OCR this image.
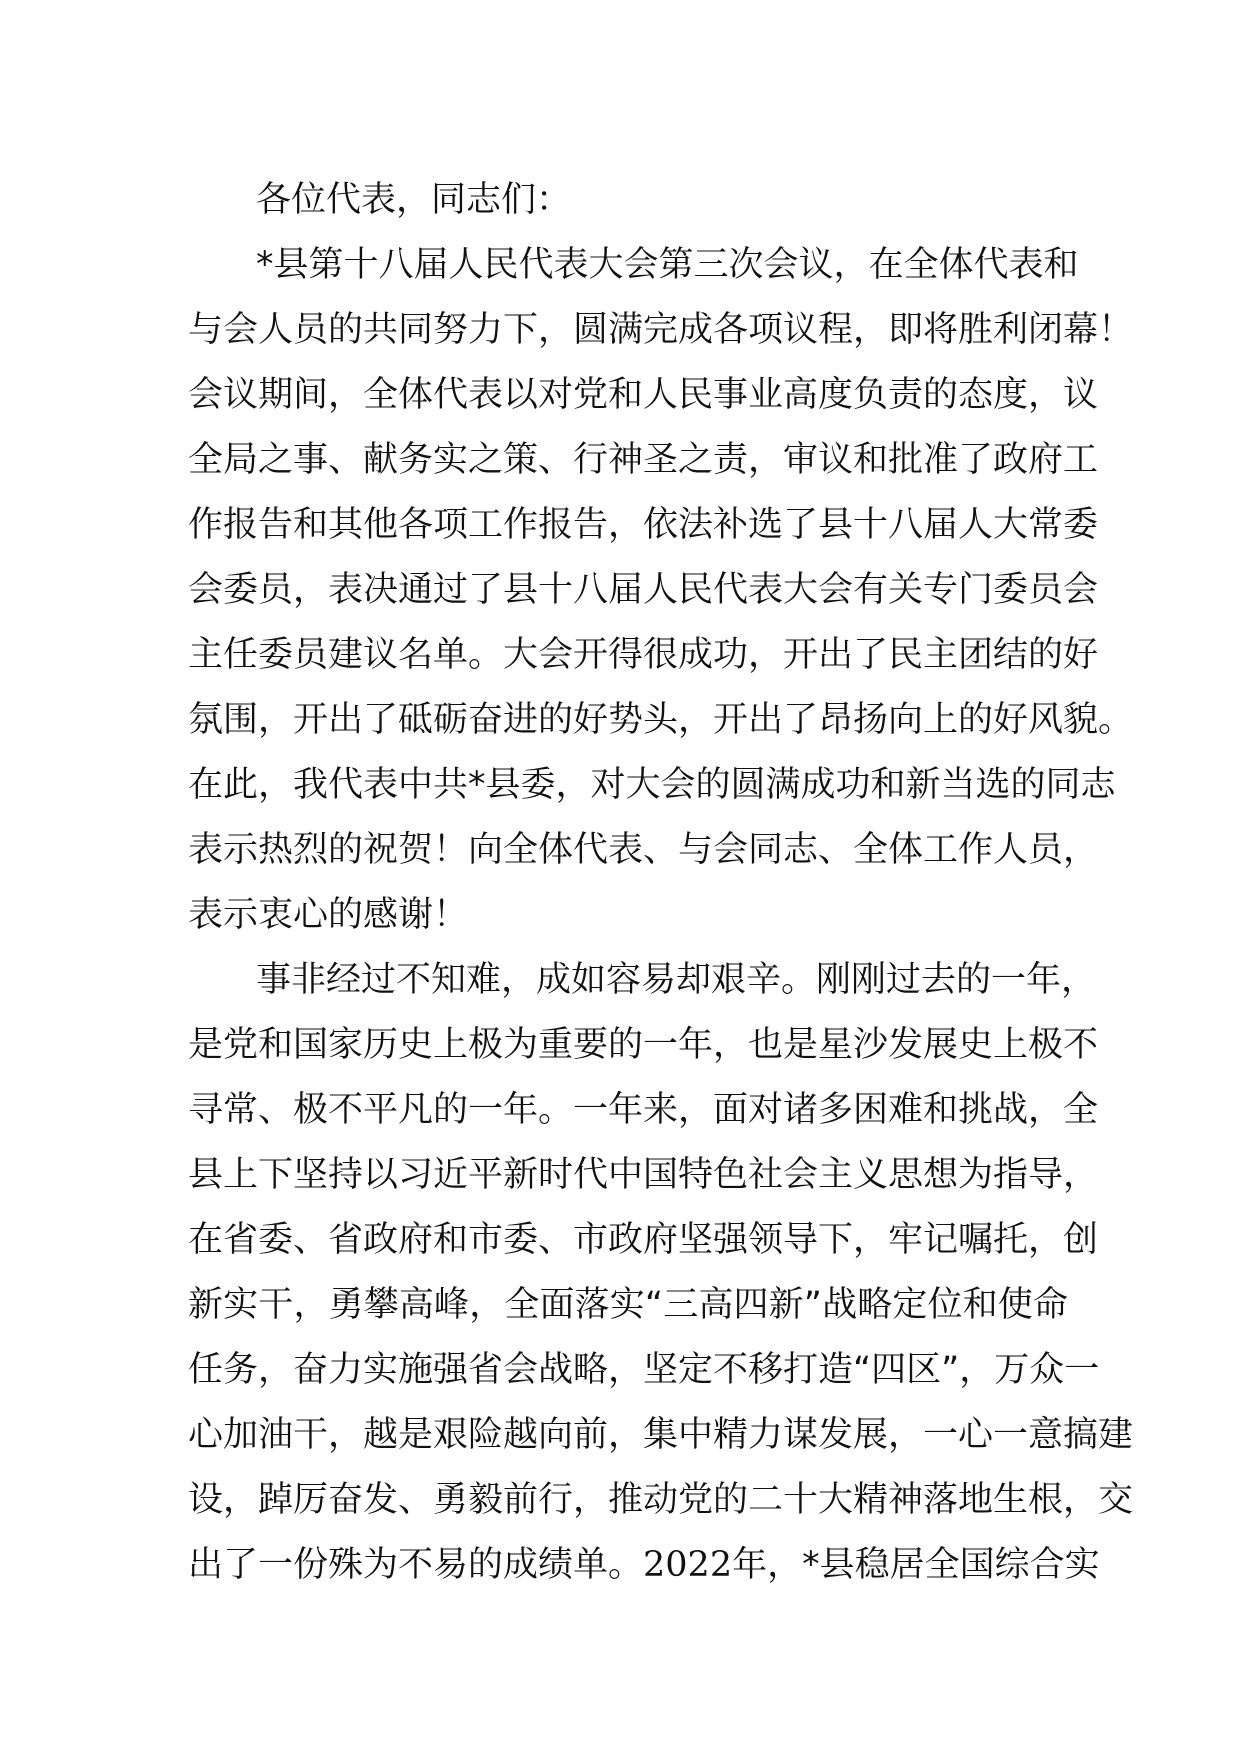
各位代表，同志们：
*县第十八届人民代表大会第三次会议，在全体代表和
与会人员的共同努力下，圆满完成各项议程，即将胜利闭幕！
会议期间，全体代表以对党和人民事业高度负责的态度，议
全局之事、献务实之策、行神圣之责，审议和批准了政府工
作报告和其他各项工作报告，依法补选了县十八届人大常委
会委员，表决通过了县十八届人民代表大会有关专门委员会
主任委员建议名单。大会开得很成功，开出了民主团结的好
氛围，开出了砥砺奋进的好势头，开出了昂扬向上的好风貌。
在此，我代表中共*县委，对大会的圆满成功和新当选的同志
表示热烈的祝贺！向全体代表、与会同志、全体工作人员，
表示衷心的感谢！
事非经过不知难，成如容易却艰辛。刚刚过去的一年，
是党和国家历史上极为重要的一年，也是星沙发展史上极不
寻常、极不平凡的一年。一年来，面对诸多困难和挑战，全
县上下坚持以习近平新时代中国特色社会主义思想为指导，
在省委、省政府和市委、市政府坚强领导下，牢记嘱托，创
新实干，勇攀高峰，全面落实“三高四新”战略定位和使命
任务，奋力实施强省会战略，坚定不移打造“四区”，万众一
心加油干，越是艰险越向前，集中精力谋发展，一心一意搞建
设，踔厉奋发、勇毅前行，推动党的二十大精神落地生根，交
出了一份殊为不易的成绩单。2022年，*县稳居全国综合实
